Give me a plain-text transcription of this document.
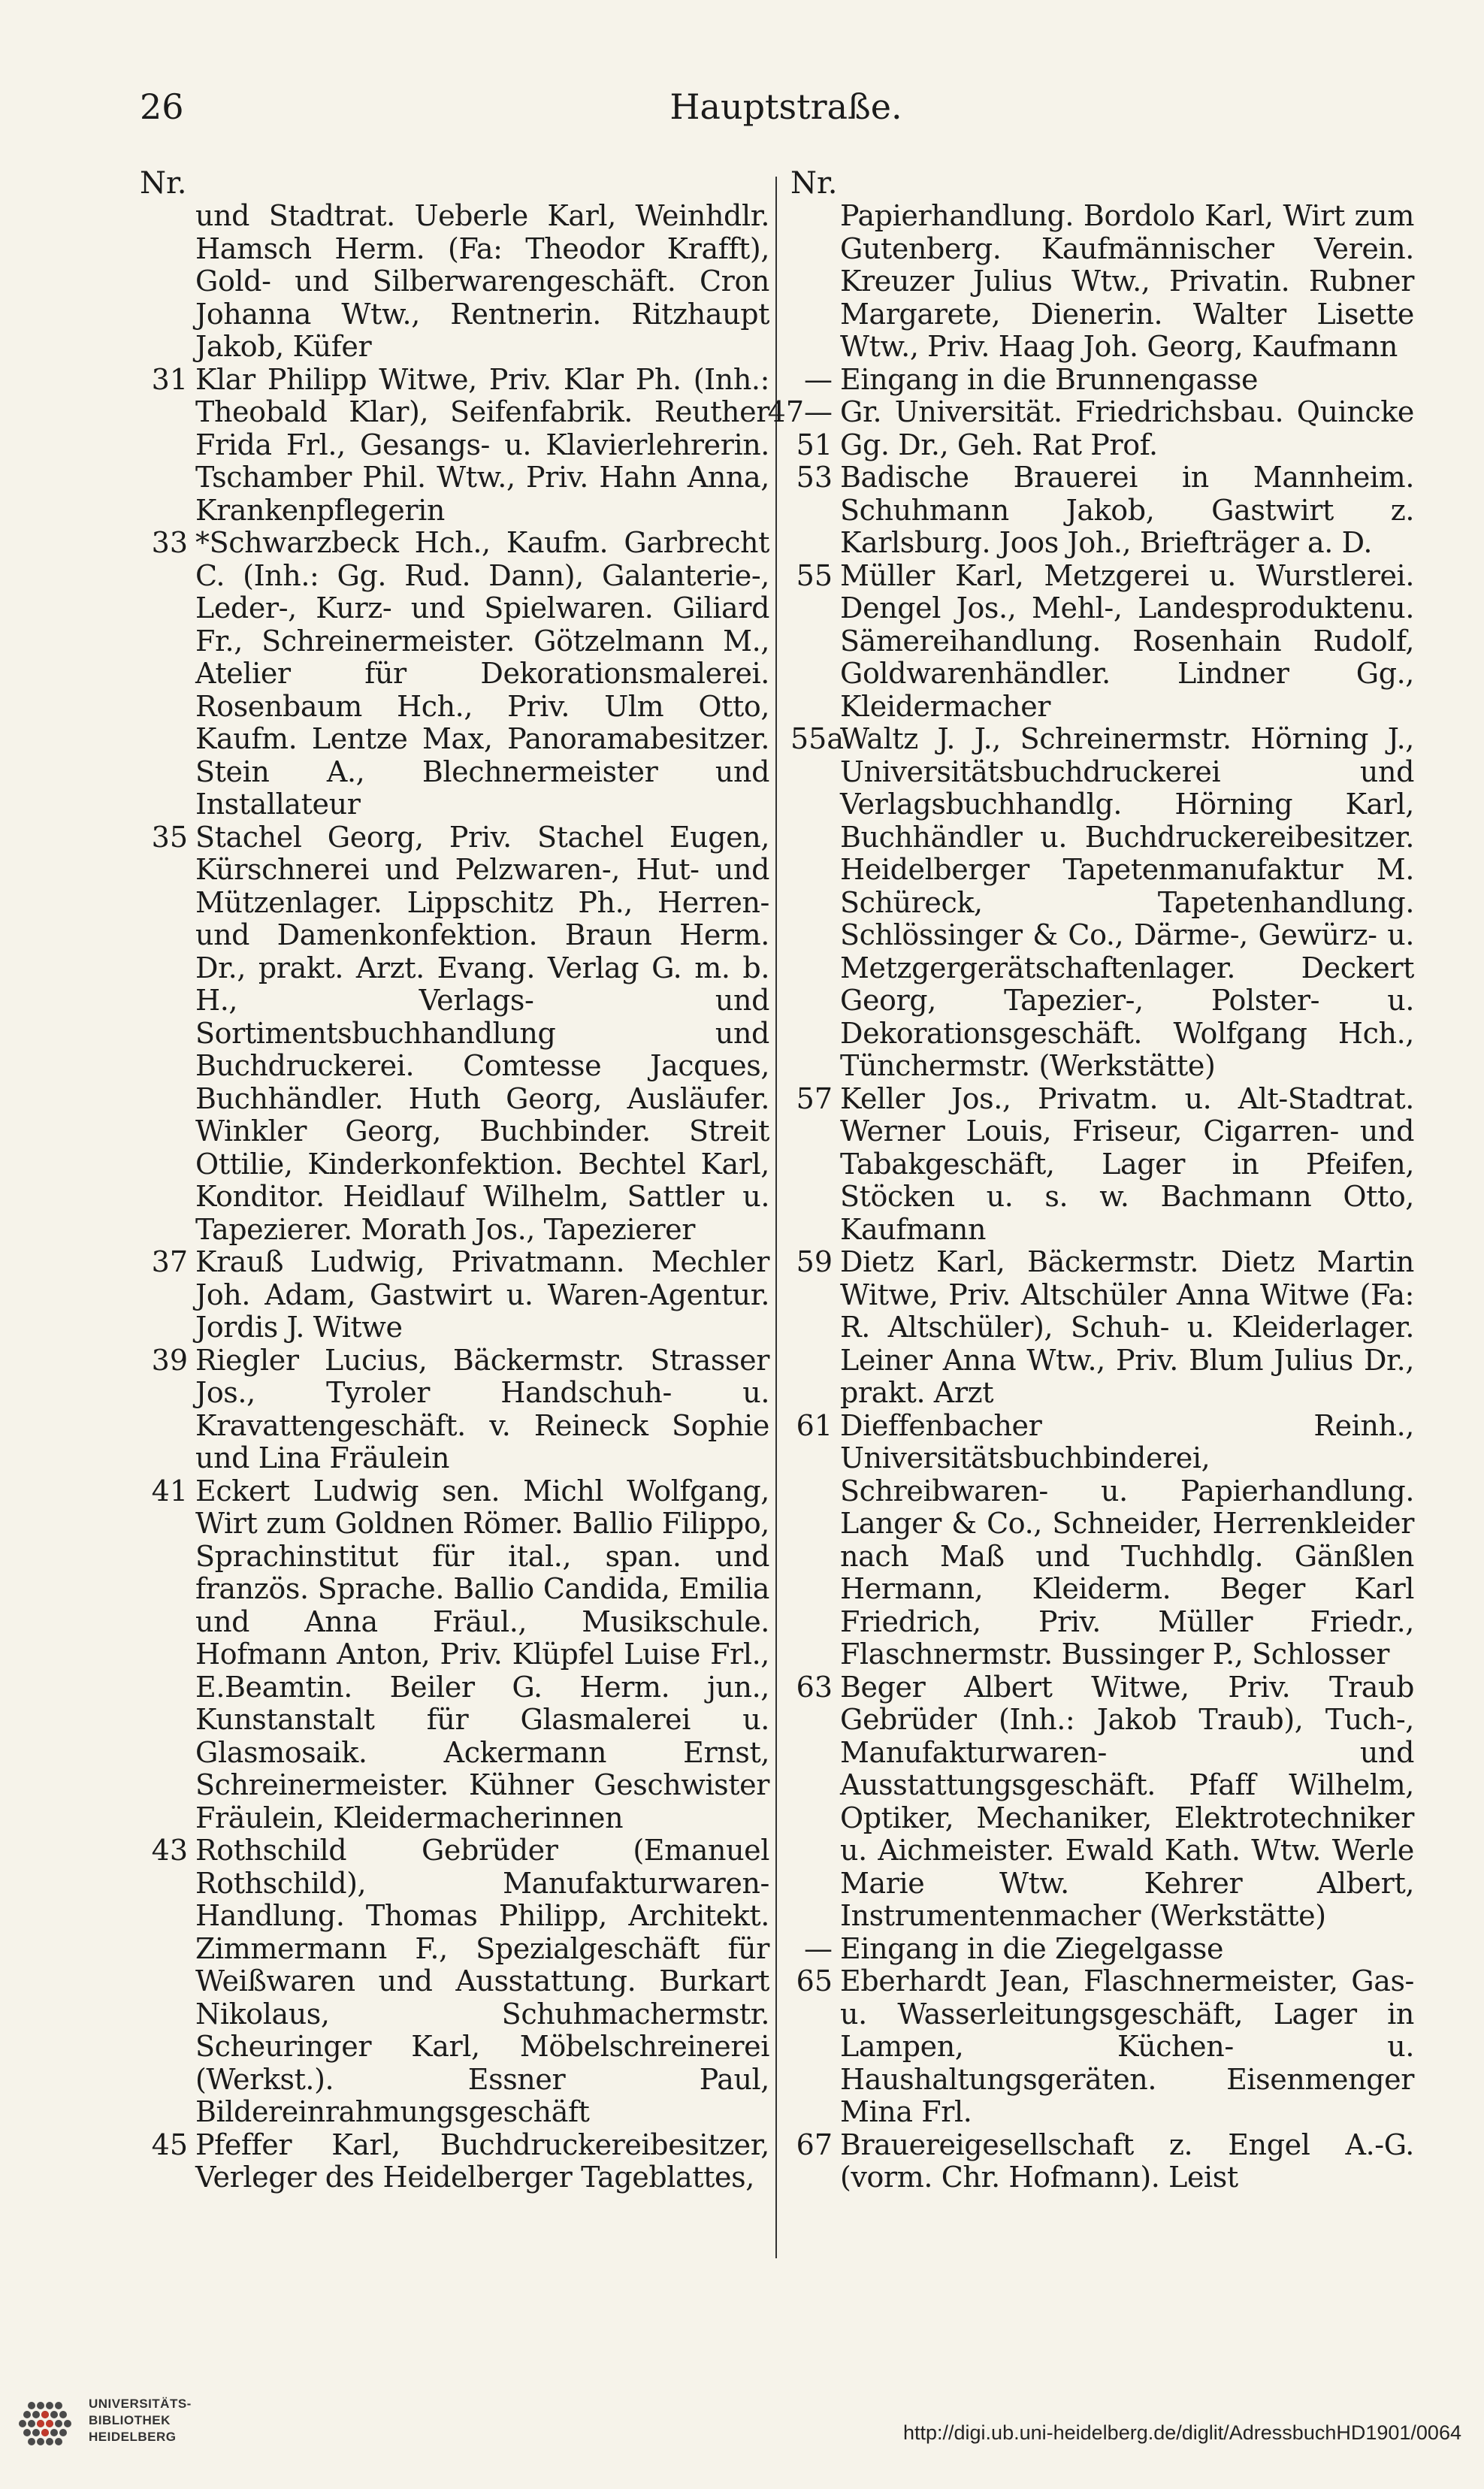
26	Hauptstraße.
Nr.
und Stadtrat. Ueberle Karl, Weinhdlr. Hamsch Herm. (Fa: Theodor Krafft), Gold- und Silberwarengeschäft. Cron Johanna Wtw., Rentnerin. Ritzhaupt Jakob, Küfer
31 Klar Philipp Witwe, Priv. Klar Ph. (Inh.: Theobald Klar), Seifenfabrik. Reuther Frida Frl., Gesangs- u. Klavierlehrerin. Tschamber Phil. Wtw., Priv. Hahn Anna, Krankenpflegerin
33 *Schwarzbeck Hch., Kaufm. Garbrecht C. (Inh.: Gg. Rud. Dann), Galanterie-, Leder-, Kurz- und Spielwaren. Giliard Fr., Schreinermeister. Götzelmann M., Atelier für Dekorationsmalerei. Rosenbaum Hch., Priv. Ulm Otto, Kaufm. Lentze Max, Panoramabesitzer. Stein A., Blechnermeister und Installateur
35 Stachel Georg, Priv. Stachel Eugen, Kürschnerei und Pelzwaren-, Hut- und Mützenlager. Lippschitz Ph., Herren- und Damenkonfektion. Braun Herm. Dr., prakt. Arzt. Evang. Verlag G. m. b. H., Verlags- und Sortimentsbuchhandlung und Buchdruckerei. Comtesse Jacques, Buchhändler. Huth Georg, Ausläufer. Winkler Georg, Buchbinder. Streit Ottilie, Kinderkonfektion. Bechtel Karl, Konditor. Heidlauf Wilhelm, Sattler u. Tapezierer. Morath Jos., Tapezierer
37 Krauß Ludwig, Privatmann. Mechler Joh. Adam, Gastwirt u. Waren-Agentur. Jordis J. Witwe
39 Riegler Lucius, Bäckermstr. Strasser Jos., Tyroler Handschuh- u. Kravattengeschäft. v. Reineck Sophie und Lina Fräulein
41 Eckert Ludwig sen. Michl Wolfgang, Wirt zum Goldnen Römer. Ballio Filippo, Sprachinstitut für ital., span. und französ. Sprache. Ballio Candida, Emilia und Anna Fräul., Musikschule. Hofmann Anton, Priv. Klüpfel Luise Frl., E.Beamtin. Beiler G. Herm. jun., Kunstanstalt für Glasmalerei u. Glasmosaik. Ackermann Ernst, Schreinermeister. Kühner Geschwister Fräulein, Kleidermacherinnen
43 Rothschild Gebrüder (Emanuel Rothschild), Manufakturwaren-Handlung. Thomas Philipp, Architekt. Zimmermann F., Spezialgeschäft für Weißwaren und Ausstattung. Burkart Nikolaus, Schuhmachermstr. Scheuringer Karl, Möbelschreinerei (Werkst.). Essner Paul, Bildereinrahmungsgeschäft
45 Pfeffer Karl, Buchdruckereibesitzer, Verleger des Heidelberger Tageblattes,
Nr.
Papierhandlung. Bordolo Karl, Wirt zum Gutenberg. Kaufmännischer Verein. Kreuzer Julius Wtw., Privatin. Rubner Margarete, Dienerin. Walter Lisette Wtw., Priv. Haag Joh. Georg, Kaufmann
— Eingang in die Brunnengasse
47—51
Gr. Universität. Friedrichsbau. Quincke Gg. Dr., Geh. Rat Prof.
53 Badische Brauerei in Mannheim. Schuhmann Jakob, Gastwirt z. Karlsburg. Joos Joh., Briefträger a. D.
55 Müller Karl, Metzgerei u. Wurstlerei. Dengel Jos., Mehl-, Landesproduktenu. Sämereihandlung. Rosenhain Rudolf, Goldwarenhändler. Lindner Gg., Kleidermacher
55a
Waltz J. J., Schreinermstr. Hörning J., Universitätsbuchdruckerei und Verlagsbuchhandlg. Hörning Karl, Buchhändler u. Buchdruckereibesitzer. Heidelberger Tapetenmanufaktur M. Schüreck, Tapetenhandlung. Schlössinger & Co., Därme-, Gewürz- u. Metzgergerätschaftenlager. Deckert Georg, Tapezier-, Polster- u. Dekorationsgeschäft. Wolfgang Hch., Tünchermstr. (Werkstätte)
57 Keller Jos., Privatm. u. Alt-Stadtrat. Werner Louis, Friseur, Cigarren- und Tabakgeschäft, Lager in Pfeifen, Stöcken u. s. w. Bachmann Otto, Kaufmann
59 Dietz Karl, Bäckermstr. Dietz Martin Witwe, Priv. Altschüler Anna Witwe (Fa: R. Altschüler), Schuh- u. Kleiderlager. Leiner Anna Wtw., Priv. Blum Julius Dr., prakt. Arzt
61 Dieffenbacher Reinh., Universitätsbuchbinderei, Schreibwaren- u. Papierhandlung. Langer & Co., Schneider, Herrenkleider nach Maß und Tuchhdlg. Gänßlen Hermann, Kleiderm. Beger Karl Friedrich, Priv. Müller Friedr., Flaschnermstr. Bussinger P., Schlosser
63 Beger Albert Witwe, Priv. Traub Gebrüder (Inh.: Jakob Traub), Tuch-, Manufakturwaren- und Ausstattungsgeschäft. Pfaff Wilhelm, Optiker, Mechaniker, Elektrotechniker u. Aichmeister. Ewald Kath. Wtw. Werle Marie Wtw. Kehrer Albert, Instrumentenmacher (Werkstätte)
— Eingang in die Ziegelgasse
65 Eberhardt Jean, Flaschnermeister, Gas- u. Wasserleitungsgeschäft, Lager in Lampen, Küchen- u. Haushaltungsgeräten. Eisenmenger Mina Frl.
67 Brauereigesellschaft z. Engel A.-G. (vorm. Chr. Hofmann). Leist
UNIVERSITÄTS-
BIBLIOTHEK
HEIDELBERG	http://digi.ub.uni-heidelberg.de/diglit/AdressbuchHD1901/0064
